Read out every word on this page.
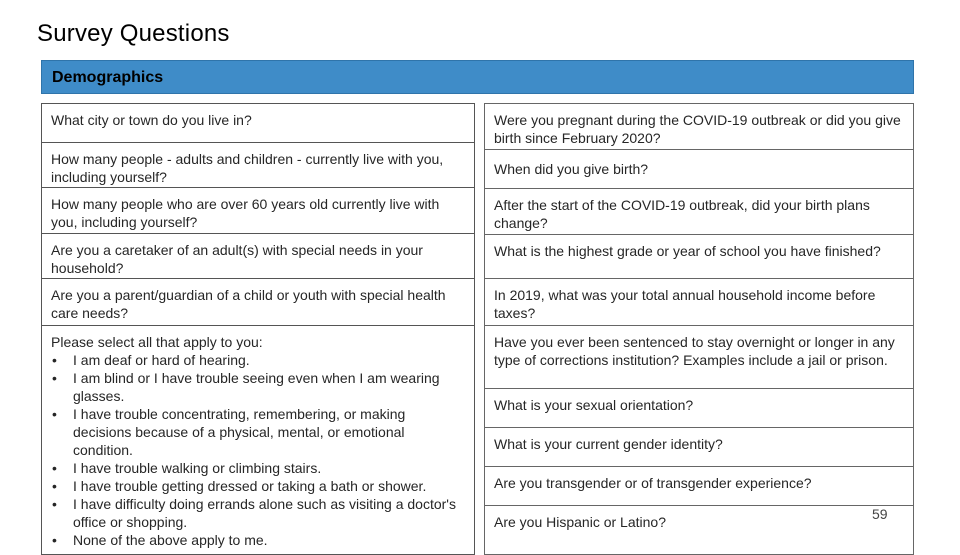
Survey Questions
Demographics
What city or town do you live in?
How many people - adults and children - currently live with you, including yourself?
How many people who are over 60 years old currently live with you, including yourself?
Are you a caretaker of an adult(s) with special needs in your household?
Are you a parent/guardian of a child or youth with special health care needs?
Please select all that apply to you:
• I am deaf or hard of hearing.
• I am blind or I have trouble seeing even when I am wearing glasses.
• I have trouble concentrating, remembering, or making decisions because of a physical, mental, or emotional condition.
• I have trouble walking or climbing stairs.
• I have trouble getting dressed or taking a bath or shower.
• I have difficulty doing errands alone such as visiting a doctor's office or shopping.
• None of the above apply to me.
Were you pregnant during the COVID-19 outbreak or did you give birth since February 2020?
When did you give birth?
After the start of the COVID-19 outbreak, did your birth plans change?
What is the highest grade or year of school you have finished?
In 2019, what was your total annual household income before taxes?
Have you ever been sentenced to stay overnight or longer in any type of corrections institution? Examples include a jail or prison.
What is your sexual orientation?
What is your current gender identity?
Are you transgender or of transgender experience?
Are you Hispanic or Latino?	59
